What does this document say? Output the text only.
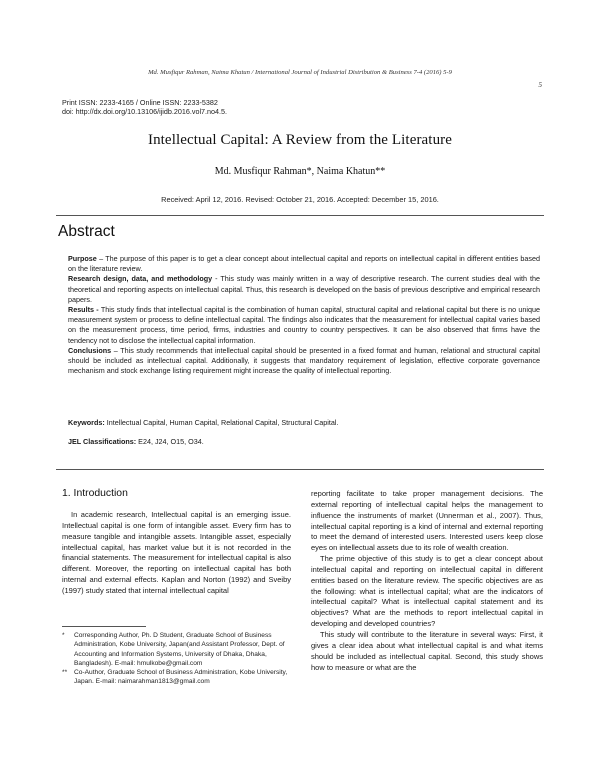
Md. Musfiqur Rahman, Naima Khatun / International Journal of Industrial Distribution & Business 7-4 (2016) 5-9
5
Print ISSN: 2233-4165 / Online ISSN: 2233-5382
doi: http://dx.doi.org/10.13106/ijidb.2016.vol7.no4.5.
Intellectual Capital: A Review from the Literature
Md. Musfiqur Rahman*, Naima Khatun**
Received: April 12, 2016. Revised: October 21, 2016. Accepted: December 15, 2016.
Abstract

Purpose – The purpose of this paper is to get a clear concept about intellectual capital and reports on intellectual capital in different entities based on the literature review.

Research design, data, and methodology - This study was mainly written in a way of descriptive research. The current studies deal with the theoretical and reporting aspects on intellectual capital. Thus, this research is developed on the basis of previous descriptive and empirical research papers.

Results - This study finds that intellectual capital is the combination of human capital, structural capital and relational capital but there is no unique measurement system or process to define intellectual capital. The findings also indicates that the measurement for intellectual capital varies based on the measurement process, time period, firms, industries and country to country perspectives. It can be also observed that firms have the tendency not to disclose the intellectual capital information.

Conclusions – This study recommends that intellectual capital should be presented in a fixed format and human, relational and structural capital should be included as intellectual capital. Additionally, it suggests that mandatory requirement of legislation, effective corporate governance mechanism and stock exchange listing requirement might increase the quality of intellectual reporting.

Keywords: Intellectual Capital, Human Capital, Relational Capital, Structural Capital.
JEL Classifications: E24, J24, O15, O34.
1. Introduction

In academic research, Intellectual capital is an emerging issue. Intellectual capital is one form of intangible asset. Every firm has to measure tangible and intangible assets. Intangible asset, especially intellectual capital, has market value but it is not recorded in the financial statements. The measurement for intellectual capital is also different. Moreover, the reporting on intellectual capital has both internal and external effects. Kaplan and Norton (1992) and Sveiby (1997) study stated that internal intellectual capital

reporting facilitate to take proper management decisions. The external reporting of intellectual capital helps the management to influence the instruments of market (Unnerman et al., 2007). Thus, intellectual capital reporting is a kind of internal and external reporting to meet the demand of interested users. Interested users keep close eyes on intellectual assets due to its role of wealth creation.

The prime objective of this study is to get a clear concept about intellectual capital and reporting on intellectual capital in different entities based on the literature review. The specific objectives are as the following: what is intellectual capital; what are the indicators of intellectual capital? What is intellectual capital statement and its objectives? What are the methods to report intellectual capital in developing and developed countries?

This study will contribute to the literature in several ways: First, it gives a clear idea about what intellectual capital is and what items should be included as intellectual capital. Second, this study shows how to measure or what are the

*	Corresponding Author, Ph. D Student, Graduate School of Business Administration, Kobe University, Japan(and Assistant Professor, Dept. of Accounting and Information Systems, University of Dhaka, Dhaka, Bangladesh). E-mail: hmulkobe@gmail.com
**	Co-Author, Graduate School of Business Administration, Kobe University, Japan. E-mail: naimarahman1813@gmail.com
